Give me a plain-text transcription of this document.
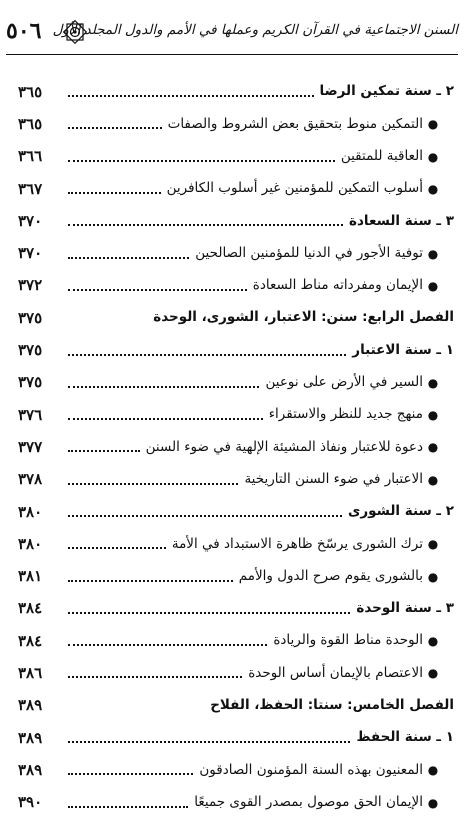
٥٠٦ السنن الاجتماعية في القرآن الكريم وعملها في الأمم والدول المجلد الأول
٢ ـ سنة تمكين الرضا
٣٦٥
●
التمكين منوط بتحقيق بعض الشروط والصفات
٣٦٥
●
العاقبة للمتقين
٣٦٦
●
أسلوب التمكين للمؤمنين غير أسلوب الكافرين
٣٦٧
٣ ـ سنة السعادة
٣٧٠
●
توفية الأجور في الدنيا للمؤمنين الصالحين
٣٧٠
●
الإيمان ومفرداته مناط السعادة
٣٧٢
الفصل الرابع: سنن: الاعتبار، الشورى، الوحدة
٣٧٥
١ ـ سنة الاعتبار
٣٧٥
●
السير في الأرض على نوعين
٣٧٥
●
منهج جديد للنظر والاستقراء
٣٧٦
●
دعوة للاعتبار ونفاذ المشيئة الإلهية في ضوء السنن
٣٧٧
●
الاعتبار في ضوء السنن التاريخية
٣٧٨
٢ ـ سنة الشورى
٣٨٠
●
ترك الشورى يرسّخ ظاهرة الاستبداد في الأمة
٣٨٠
●
بالشورى يقوم صرح الدول والأمم
٣٨١
٣ ـ سنة الوحدة
٣٨٤
●
الوحدة مناط القوة والريادة
٣٨٤
●
الاعتصام بالإيمان أساس الوحدة
٣٨٦
الفصل الخامس: سنتا: الحفظ، الفلاح
٣٨٩
١ ـ سنة الحفظ
٣٨٩
●
المعنيون بهذه السنة المؤمنون الصادقون
٣٨٩
●
الإيمان الحق موصول بمصدر القوى جميعًا
٣٩٠
